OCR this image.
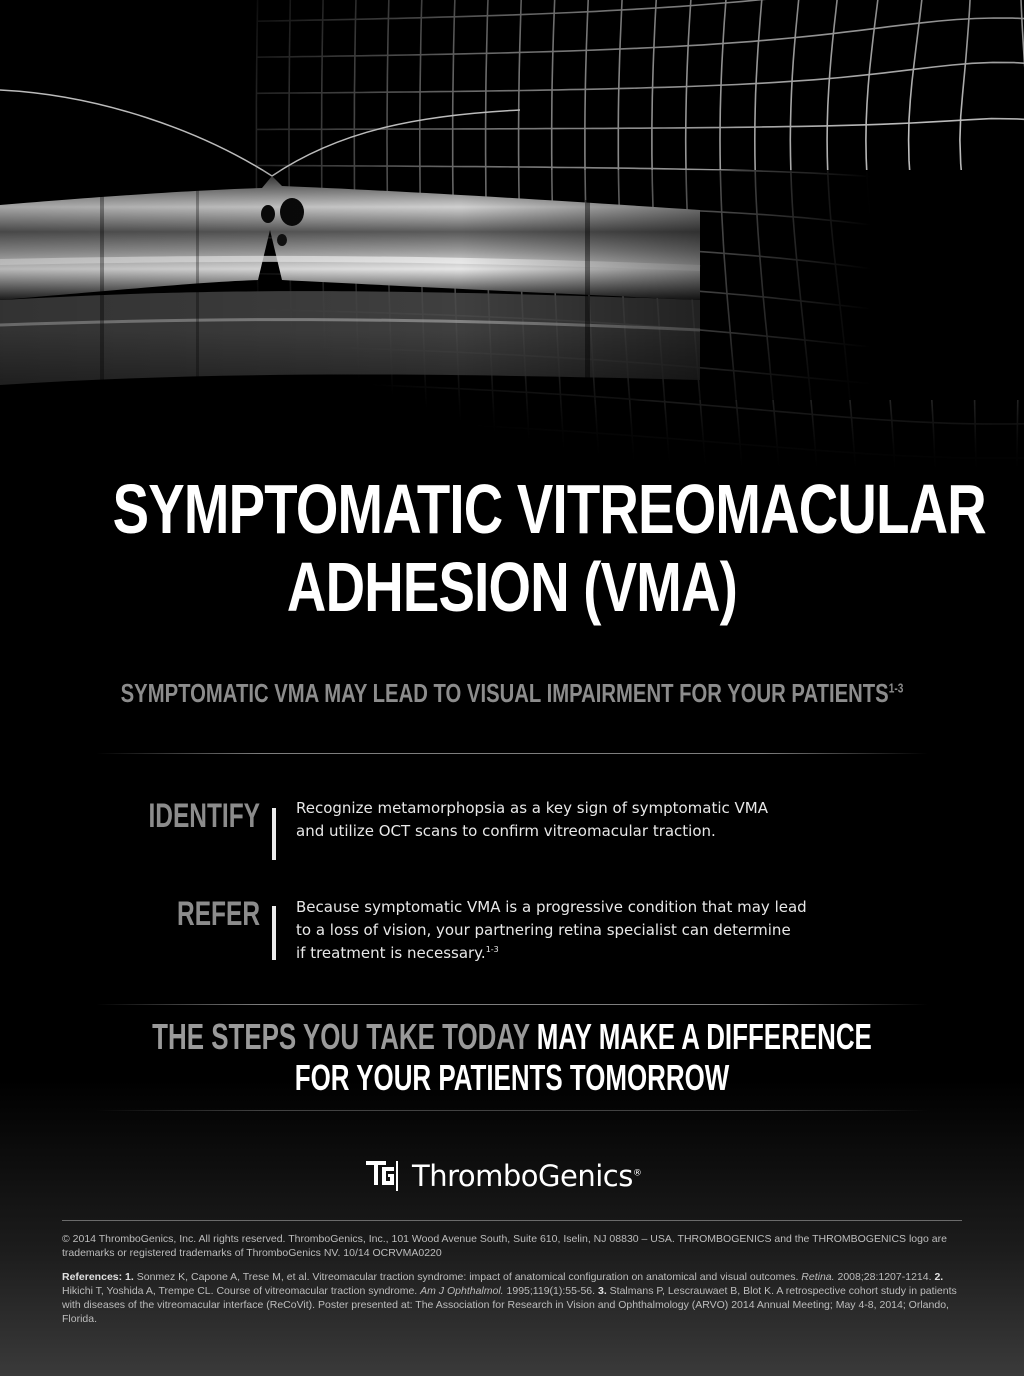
SYMPTOMATIC VITREOMACULAR
ADHESION (VMA)
SYMPTOMATIC VMA MAY LEAD TO VISUAL IMPAIRMENT FOR YOUR PATIENTS$^{1-3}$
IDENTIFY Recognize metamorphopsia as a key sign of symptomatic VMA
and utilize OCT scans to confirm vitreomacular traction.
REFER Because symptomatic VMA is a progressive condition that may lead
to a loss of vision, your partnering retina specialist can determine
if treatment is necessary.$^{1-3}$
THE STEPS YOU TAKE TODAY MAY MAKE A DIFFERENCE
FOR YOUR PATIENTS TOMORROW
ThromboGenics®
© 2014 ThromboGenics, Inc. All rights reserved. ThromboGenics, Inc., 101 Wood Avenue South, Suite 610, Iselin, NJ 08830 – USA. THROMBOGENICS and the THROMBOGENICS logo are trademarks or registered trademarks of ThromboGenics NV. 10/14 OCRVMA0220
References: 1. Sonmez K, Capone A, Trese M, et al. Vitreomacular traction syndrome: impact of anatomical configuration on anatomical and visual outcomes. Retina. 2008;28:1207-1214. 2. Hikichi T, Yoshida A, Trempe CL. Course of vitreomacular traction syndrome. Am J Ophthalmol. 1995;119(1):55-56. 3. Stalmans P, Lescrauwaet B, Blot K. A retrospective cohort study in patients with diseases of the vitreomacular interface (ReCoVit). Poster presented at: The Association for Research in Vision and Ophthalmology (ARVO) 2014 Annual Meeting; May 4-8, 2014; Orlando, Florida.
